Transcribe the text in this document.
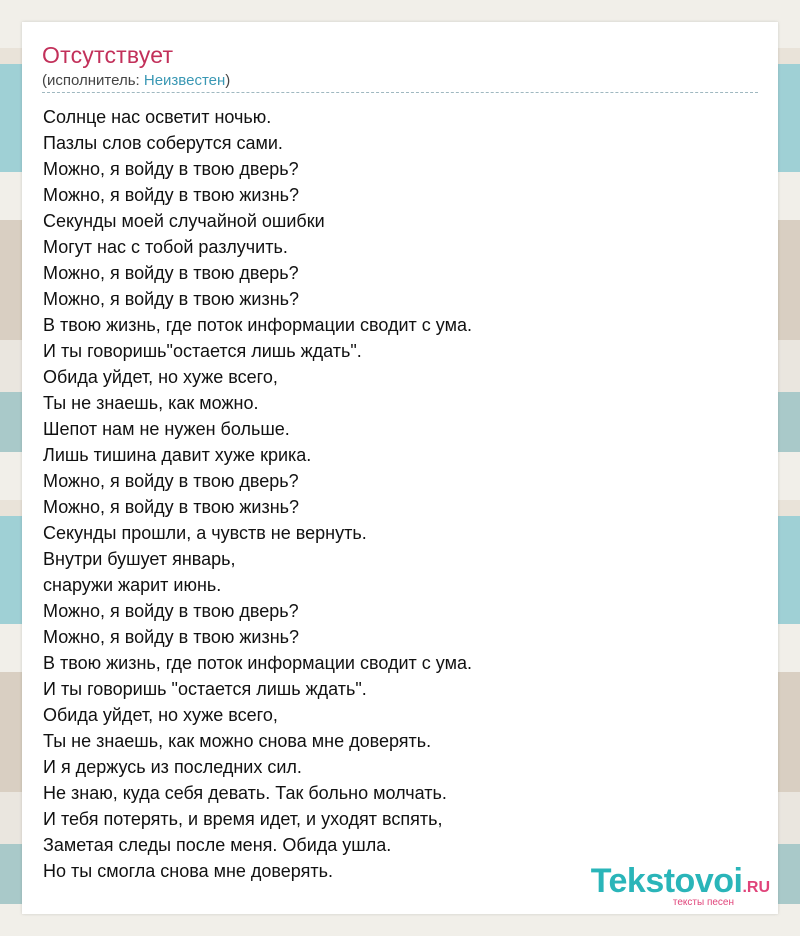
Отсутствует
(исполнитель: Неизвестен)
Солнце нас осветит ночью.
Пазлы слов соберутся сами.
Можно, я войду в твою дверь?
Можно, я войду в твою жизнь?
Секунды моей случайной ошибки
Могут нас с тобой разлучить.
Можно, я войду в твою дверь?
Можно, я войду в твою жизнь?
В твою жизнь, где поток информации сводит с ума.
И ты говоришь"остается лишь ждать".
Обида уйдет, но хуже всего,
Ты не знаешь, как можно.
Шепот нам не нужен больше.
Лишь тишина давит хуже крика.
Можно, я войду в твою дверь?
Можно, я войду в твою жизнь?
Секунды прошли, а чувств не вернуть.
Внутри бушует январь,
снаружи жарит июнь.
Можно, я войду в твою дверь?
Можно, я войду в твою жизнь?
В твою жизнь, где поток информации сводит с ума.
И ты говоришь "остается лишь ждать".
Обида уйдет, но хуже всего,
Ты не знаешь, как можно снова мне доверять.
И я держусь из последних сил.
Не знаю, куда себя девать. Так больно молчать.
И тебя потерять, и время идет, и уходят вспять,
Заметая следы после меня. Обида ушла.
Но ты смогла снова мне доверять.	Tekstovoi.RU
тексты песен
